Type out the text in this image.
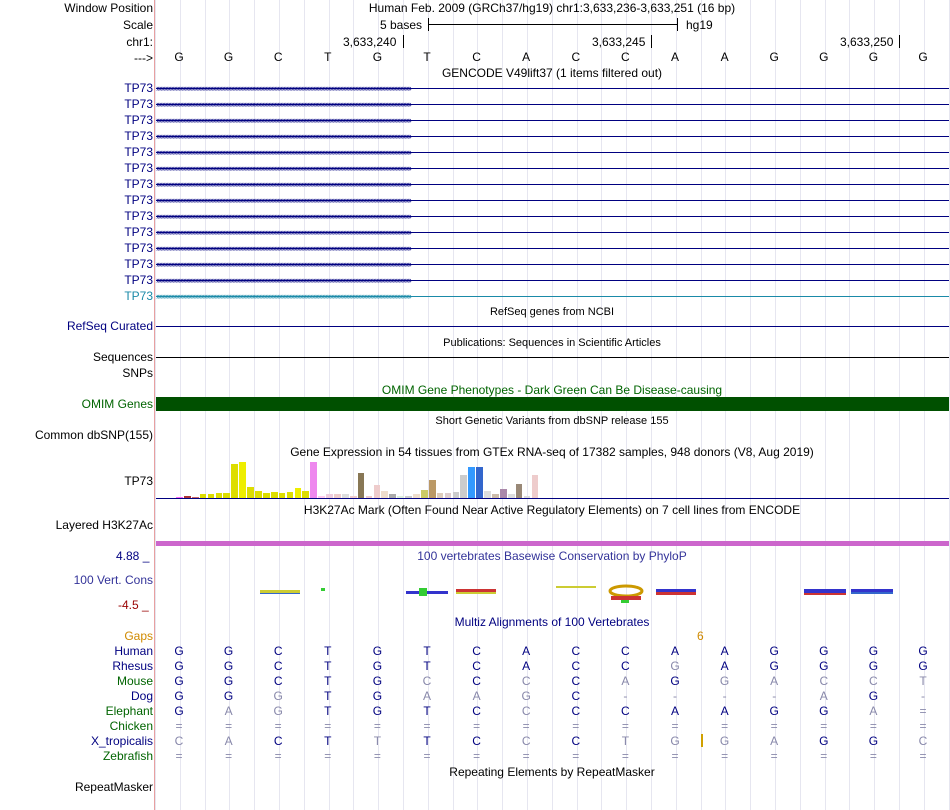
Window Position	Human Feb. 2009 (GRCh37/hg19) chr1:3,633,236-3,633,251 (16 bp)
Scale	5 bases	hg19
chr1:	3,633,240	3,633,245	3,633,250
--->	G	G	C	T	G	T	C	A	C	C	A	A	G	G	G	G
GENCODE V49lift37 (1 items filtered out)
TP73 ››››››››››››››››››››››››››››››››››››››››››››››››››››››››››››››››››››››››››››››››››››››››››››››››››››››››››››››››››››››››››››››››››››››››››››››››››››››››››››››››››››››››››
TP73 ››››››››››››››››››››››››››››››››››››››››››››››››››››››››››››››››››››››››››››››››››››››››››››››››››››››››››››››››››››››››››››››››››››››››››››››››››››››››››››››››››››››››››
TP73 ››››››››››››››››››››››››››››››››››››››››››››››››››››››››››››››››››››››››››››››››››››››››››››››››››››››››››››››››››››››››››››››››››››››››››››››››››››››››››››››››››››››››››
TP73 ››››››››››››››››››››››››››››››››››››››››››››››››››››››››››››››››››››››››››››››››››››››››››››››››››››››››››››››››››››››››››››››››››››››››››››››››››››››››››››››››››››››››››
TP73 ››››››››››››››››››››››››››››››››››››››››››››››››››››››››››››››››››››››››››››››››››››››››››››››››››››››››››››››››››››››››››››››››››››››››››››››››››››››››››››››››››››››››››
TP73 ››››››››››››››››››››››››››››››››››››››››››››››››››››››››››››››››››››››››››››››››››››››››››››››››››››››››››››››››››››››››››››››››››››››››››››››››››››››››››››››››››››››››››
TP73 ››››››››››››››››››››››››››››››››››››››››››››››››››››››››››››››››››››››››››››››››››››››››››››››››››››››››››››››››››››››››››››››››››››››››››››››››››››››››››››››››››››››››››
TP73 ››››››››››››››››››››››››››››››››››››››››››››››››››››››››››››››››››››››››››››››››››››››››››››››››››››››››››››››››››››››››››››››››››››››››››››››››››››››››››››››››››››››››››
TP73 ››››››››››››››››››››››››››››››››››››››››››››››››››››››››››››››››››››››››››››››››››››››››››››››››››››››››››››››››››››››››››››››››››››››››››››››››››››››››››››››››››››››››››
TP73 ››››››››››››››››››››››››››››››››››››››››››››››››››››››››››››››››››››››››››››››››››››››››››››››››››››››››››››››››››››››››››››››››››››››››››››››››››››››››››››››››››››››››››
TP73 ››››››››››››››››››››››››››››››››››››››››››››››››››››››››››››››››››››››››››››››››››››››››››››››››››››››››››››››››››››››››››››››››››››››››››››››››››››››››››››››››››››››››››
TP73 ››››››››››››››››››››››››››››››››››››››››››››››››››››››››››››››››››››››››››››››››››››››››››››››››››››››››››››››››››››››››››››››››››››››››››››››››››››››››››››››››››››››››››
TP73 ››››››››››››››››››››››››››››››››››››››››››››››››››››››››››››››››››››››››››››››››››››››››››››››››››››››››››››››››››››››››››››››››››››››››››››››››››››››››››››››››››››››››››
TP73 ››››››››››››››››››››››››››››››››››››››››››››››››››››››››››››››››››››››››››››››››››››››››››››››››››››››››››››››››››››››››››››››››››››››››››››››››››››››››››››››››››››››››››
RefSeq genes from NCBI
RefSeq Curated
Publications: Sequences in Scientific Articles
Sequences
SNPs
OMIM Gene Phenotypes - Dark Green Can Be Disease-causing
OMIM Genes
Short Genetic Variants from dbSNP release 155
Common dbSNP(155)
Gene Expression in 54 tissues from GTEx RNA-seq of 17382 samples, 948 donors (V8, Aug 2019)
TP73
H3K27Ac Mark (Often Found Near Active Regulatory Elements) on 7 cell lines from ENCODE
Layered H3K27Ac
4.88 _	100 vertebrates Basewise Conservation by PhyloP
100 Vert. Cons
-4.5 _
Multiz Alignments of 100 Vertebrates
Gaps	6
Human	G	G	C	T	G	T	C	A	C	C	A	A	G	G	G	G
Rhesus	G	G	C	T	G	T	C	A	C	C	G	A	G	G	G	G
Mouse	G	G	C	T	G	C	C	C	C	A	G	G	A	C	C	T
Dog	G	G	G	T	G	A	A	G	C	-	-	-	-	A	G	-
Elephant	G	A	G	T	G	T	C	C	C	C	A	A	G	G	A	=
Chicken	=	=	=	=	=	=	=	=	=	=	=	=	=	=	=	=
X_tropicalis	C	A	C	T	T	T	C	C	C	T	G	G	A	G	G	C
Zebrafish	=	=	=	=	=	=	=	=	=	=	=	=	=	=	=	=
Repeating Elements by RepeatMasker
RepeatMasker
